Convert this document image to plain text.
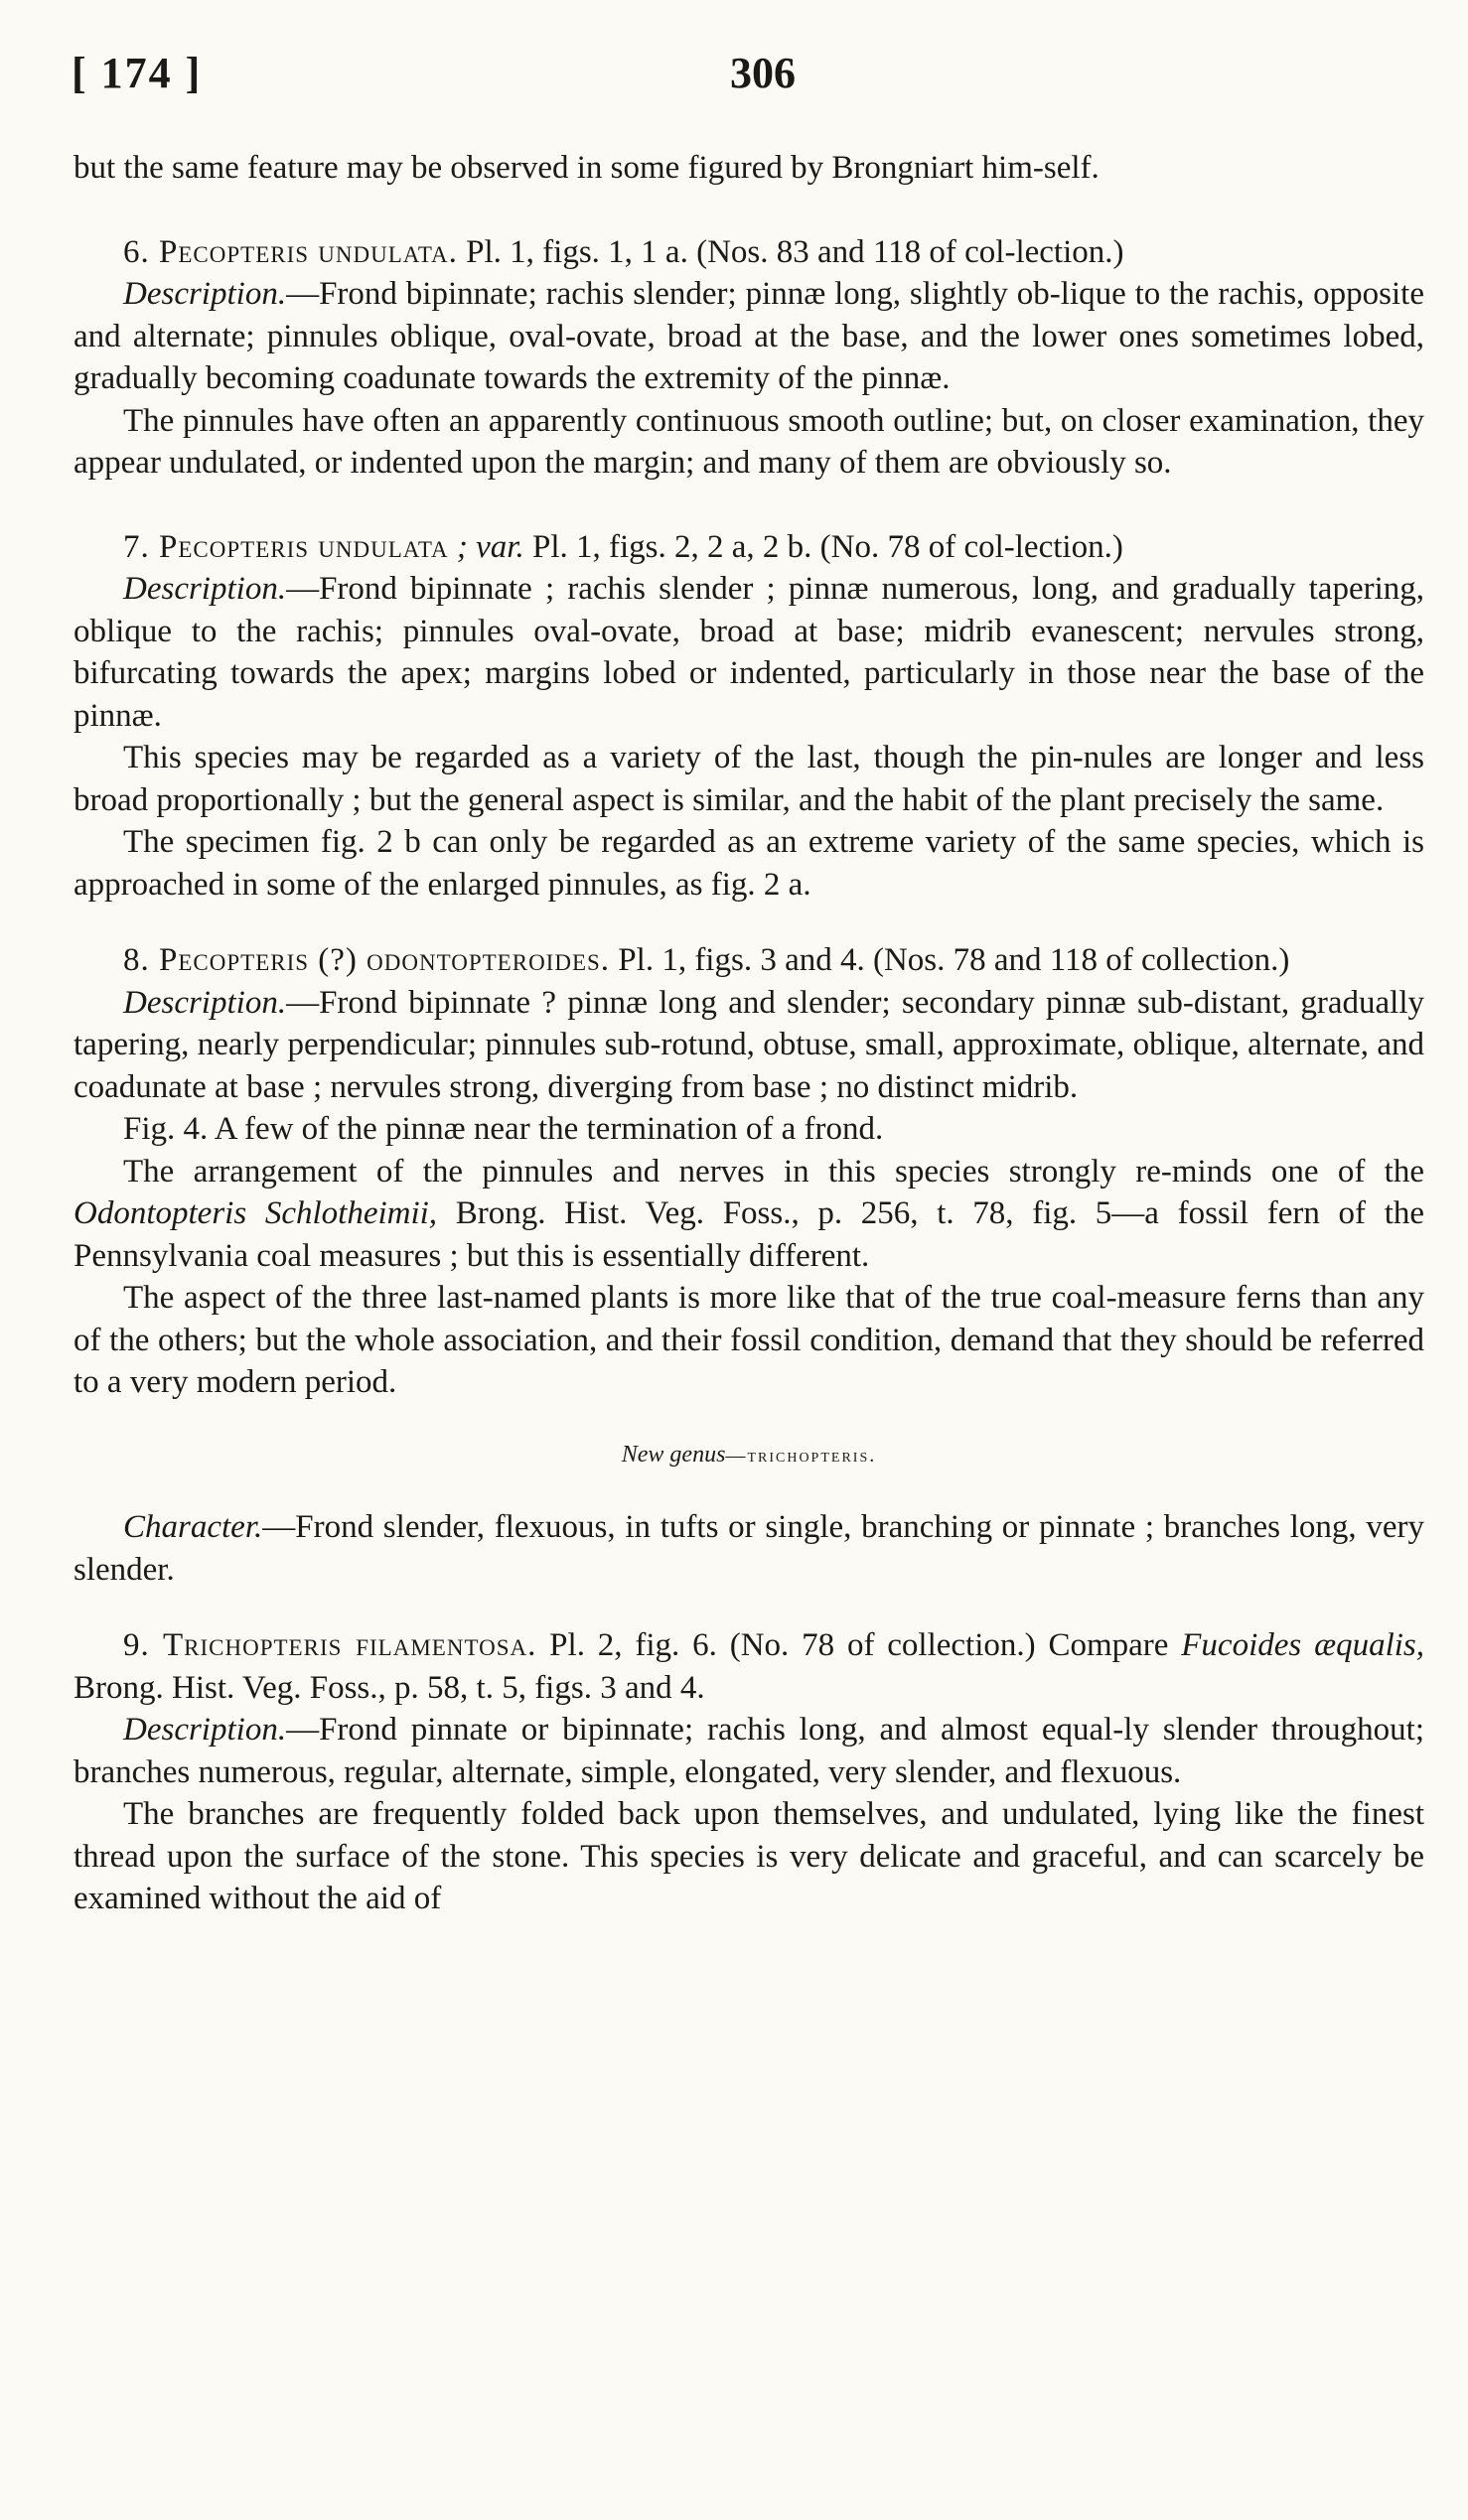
[ 174 ]	306

but the same feature may be observed in some figured by Brongniart him-self.

6. Pecopteris undulata. Pl. 1, figs. 1, 1 a. (Nos. 83 and 118 of col-lection.)

Description.—Frond bipinnate; rachis slender; pinnæ long, slightly ob-lique to the rachis, opposite and alternate; pinnules oblique, oval-ovate, broad at the base, and the lower ones sometimes lobed, gradually becoming coadunate towards the extremity of the pinnæ.

The pinnules have often an apparently continuous smooth outline; but, on closer examination, they appear undulated, or indented upon the margin; and many of them are obviously so.

7. Pecopteris undulata ; var. Pl. 1, figs. 2, 2 a, 2 b. (No. 78 of col-lection.)

Description.—Frond bipinnate ; rachis slender ; pinnæ numerous, long, and gradually tapering, oblique to the rachis; pinnules oval-ovate, broad at base; midrib evanescent; nervules strong, bifurcating towards the apex; margins lobed or indented, particularly in those near the base of the pinnæ.

This species may be regarded as a variety of the last, though the pin-nules are longer and less broad proportionally ; but the general aspect is similar, and the habit of the plant precisely the same.

The specimen fig. 2 b can only be regarded as an extreme variety of the same species, which is approached in some of the enlarged pinnules, as fig. 2 a.

8. Pecopteris (?) odontopteroides. Pl. 1, figs. 3 and 4. (Nos. 78 and 118 of collection.)

Description.—Frond bipinnate ? pinnæ long and slender; secondary pinnæ sub-distant, gradually tapering, nearly perpendicular; pinnules sub-rotund, obtuse, small, approximate, oblique, alternate, and coadunate at base ; nervules strong, diverging from base ; no distinct midrib.

Fig. 4. A few of the pinnæ near the termination of a frond.

The arrangement of the pinnules and nerves in this species strongly re-minds one of the Odontopteris Schlotheimii, Brong. Hist. Veg. Foss., p. 256, t. 78, fig. 5—a fossil fern of the Pennsylvania coal measures ; but this is essentially different.

The aspect of the three last-named plants is more like that of the true coal-measure ferns than any of the others; but the whole association, and their fossil condition, demand that they should be referred to a very modern period.

New genus—trichopteris.

Character.—Frond slender, flexuous, in tufts or single, branching or pinnate ; branches long, very slender.

9. Trichopteris filamentosa. Pl. 2, fig. 6. (No. 78 of collection.) Compare Fucoides æqualis, Brong. Hist. Veg. Foss., p. 58, t. 5, figs. 3 and 4.

Description.—Frond pinnate or bipinnate; rachis long, and almost equal-ly slender throughout; branches numerous, regular, alternate, simple, elongated, very slender, and flexuous.

The branches are frequently folded back upon themselves, and undulated, lying like the finest thread upon the surface of the stone. This species is very delicate and graceful, and can scarcely be examined without the aid of
